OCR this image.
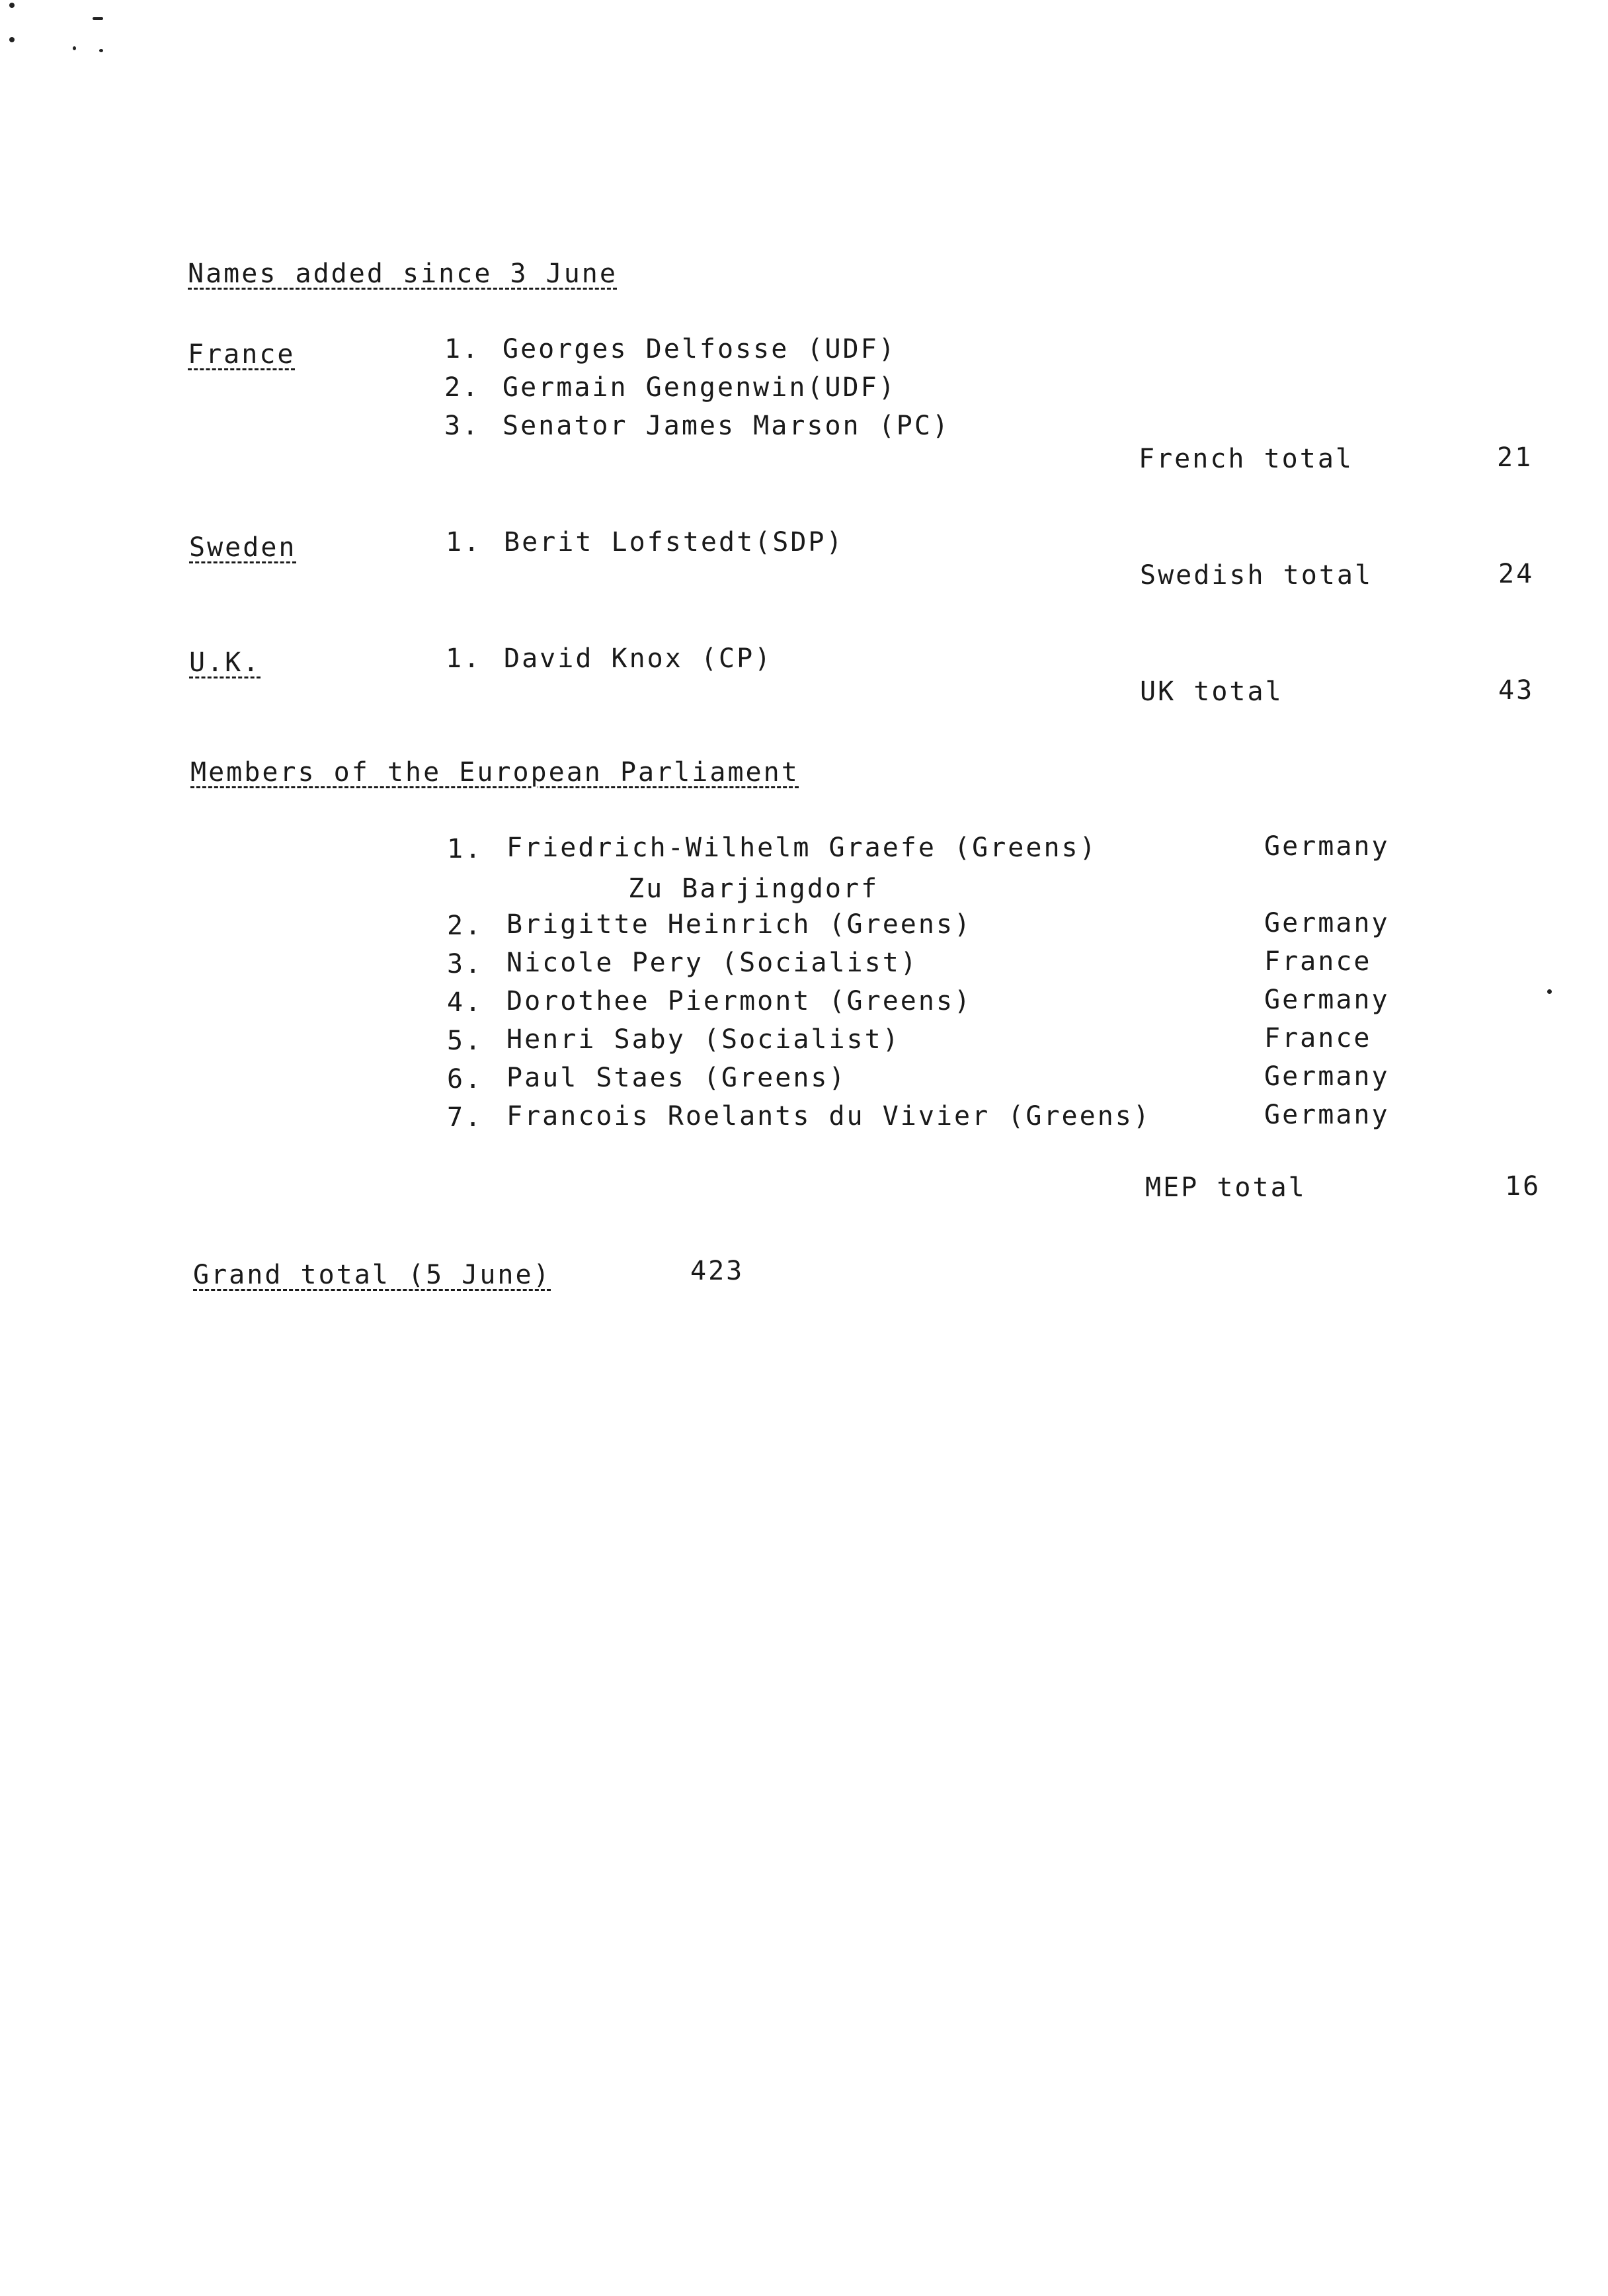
Names added since 3 June
France	1. Georges Delfosse (UDF)
2. Germain Gengenwin(UDF)
3. Senator James Marson (PC)
French total	21
Sweden	1. Berit Lofstedt(SDP)
Swedish total	24
U.K.	1. David Knox (CP)
UK total	43
Members of the European Parliament
1. Friedrich-Wilhelm Graefe (Greens)	Germany
Zu Barjingdorf
2. Brigitte Heinrich (Greens)	Germany
3. Nicole Pery (Socialist)	France
4. Dorothee Piermont (Greens)	Germany
5. Henri Saby (Socialist)	France
6. Paul Staes (Greens)	Germany
7. Francois Roelants du Vivier (Greens)	Germany
MEP total	16
Grand total (5 June)	423
